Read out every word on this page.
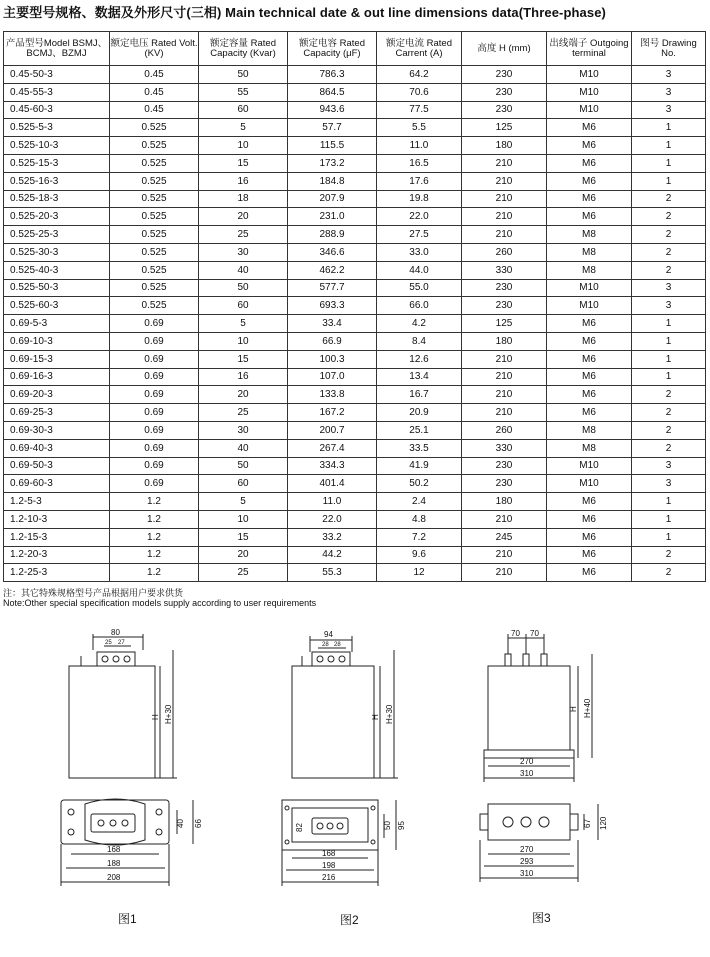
主要型号规格、数据及外形尺寸(三相) Main technical date & out line dimensions data(Three-phase)
产品型号Model BSMJ、BCMJ、BZMJ	额定电压 Rated Volt. (KV)	额定容量 Rated Capacity (Kvar)	额定电容 Rated Capacity (μF)	额定电流 Rated Carrent (A)	高度 H (mm)	出线端子 Outgoing terminal	图号 Drawing No.
0.45-50-3	0.45	50	786.3	64.2	230	M10	3
0.45-55-3	0.45	55	864.5	70.6	230	M10	3
0.45-60-3	0.45	60	943.6	77.5	230	M10	3
0.525-5-3	0.525	5	57.7	5.5	125	M6	1
0.525-10-3	0.525	10	115.5	11.0	180	M6	1
0.525-15-3	0.525	15	173.2	16.5	210	M6	1
0.525-16-3	0.525	16	184.8	17.6	210	M6	1
0.525-18-3	0.525	18	207.9	19.8	210	M6	2
0.525-20-3	0.525	20	231.0	22.0	210	M6	2
0.525-25-3	0.525	25	288.9	27.5	210	M8	2
0.525-30-3	0.525	30	346.6	33.0	260	M8	2
0.525-40-3	0.525	40	462.2	44.0	330	M8	2
0.525-50-3	0.525	50	577.7	55.0	230	M10	3
0.525-60-3	0.525	60	693.3	66.0	230	M10	3
0.69-5-3	0.69	5	33.4	4.2	125	M6	1
0.69-10-3	0.69	10	66.9	8.4	180	M6	1
0.69-15-3	0.69	15	100.3	12.6	210	M6	1
0.69-16-3	0.69	16	107.0	13.4	210	M6	1
0.69-20-3	0.69	20	133.8	16.7	210	M6	2
0.69-25-3	0.69	25	167.2	20.9	210	M6	2
0.69-30-3	0.69	30	200.7	25.1	260	M8	2
0.69-40-3	0.69	40	267.4	33.5	330	M8	2
0.69-50-3	0.69	50	334.3	41.9	230	M10	3
0.69-60-3	0.69	60	401.4	50.2	230	M10	3
1.2-5-3	1.2	5	11.0	2.4	180	M6	1
1.2-10-3	1.2	10	22.0	4.8	210	M6	1
1.2-15-3	1.2	15	33.2	7.2	245	M6	1
1.2-20-3	1.2	20	44.2	9.6	210	M6	2
1.2-25-3	1.2	25	55.3	12	210	M6	2
注：其它特殊规格型号产品根据用户要求供货
Note:Other special specification models supply according to user requirements
80
25 27
H H+30
40 66
168
188
208
图1
94
28 28
H H+30
82	50 95
168
198
216
图2
70 70
H H+40
270
310
67 120
270
293
310
图3
